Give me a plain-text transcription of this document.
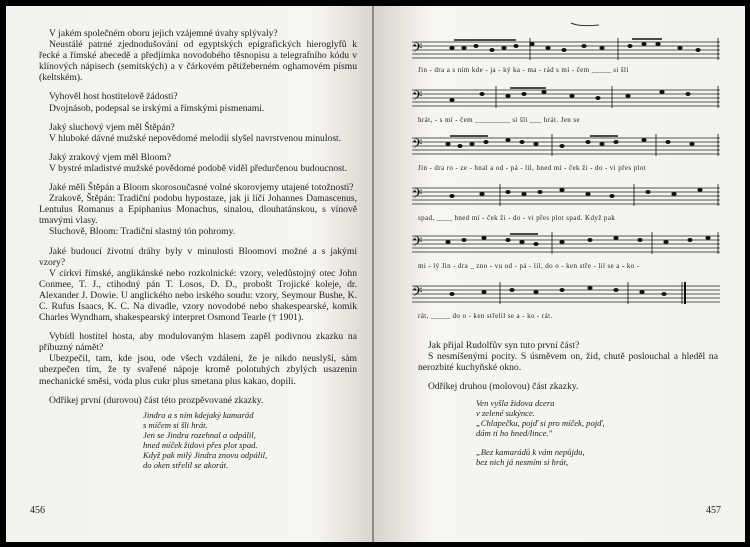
V jakém společném oboru jejich vzájemné úvahy splývaly?

Neustálé patrné zjednodušování od egyptských epigrafických hieroglyfů k řecké a římské abecedě a předjímka novodobého těsnopisu a telegrafního kódu v klínových nápisech (semitských) a v čárkovém pětižeberném oghamovém písmu (keltském).

Vyhověl host hostitelově žádosti?

Dvojnásob, podepsal se irskými a římskými písmenami.

Jaký sluchový vjem měl Štěpán?

V hluboké dávné mužské nepovědomé melodii slyšel navrstvenou minulost.

Jaký zrakový vjem měl Bloom?

V bystré mladistvé mužské povědomé podobě viděl předurčenou budoucnost.

Jaké měli Štěpán a Bloom skorosoučasné volné skorovjemy utajené totožnosti?

Zrakově, Štěpán: Tradiční podobu hypostaze, jak ji líčí Johannes Damascenus, Lentulus Romanus a Epiphanius Monachus, sinalou, dlouhatánskou, s vínově tmavými vlasy.

Sluchově, Bloom: Tradiční slastný tón pohromy.

Jaké budoucí životní dráhy byly v minulosti Bloomovi možné a s jakými vzory?

V církvi římské, anglikánské nebo rozkolnické: vzory, veledůstojný otec John Conmee, T. J., ctihodný pán T. Losos, D. D., probošt Trojické koleje, dr. Alexander J. Dowie. U anglického nebo irského soudu: vzory, Seymour Bushe, K. C. Rufus Isaacs, K. C. Na divadle, vzory novodobé nebo shakespearské, komik Charles Wyndham, shakespearský interpret Osmond Tearle († 1901).

Vybídl hostitel hosta, aby modulovaným hlasem zapěl podivnou zkazku na příbuzný námět?

Ubezpečil, tam, kde jsou, ode všech vzdálení, že je nikdo neuslyší, sám ubezpečen tím, že ty svařené nápoje kromě polotuhých zbylých usazenin mechanické směsi, voda plus cukr plus smetana plus kakao, dopili.

Odříkej první (durovou) část této prozpěvované zkazky.

Jindra a s ním kdejaký kamarád
s míčem si šli hrát.
Jen se Jindra rozehnal a odpálil,
hned míček židovi přes plot spad.
Když pak milý Jindra znovu odpálil,
do oken střelil se akorát.
456
𝄢
Jin - dra a s ním kde - ja - ký ka - ma - rád s mí - čem _____ si šli
𝄢
hrát, - s mí - čem _________ si šli ___ hrát. Jen se
𝄢
Jin - dra ro - ze - hnal a od - pá - lil, hned mí - ček ži - do - vi přes plot
𝄢
spad, ____ hned mí - ček ži - do - vi přes plot spad. Když pak
𝄢
mi - lý Jin - dra _ zno - vu od - pá - lil, do o - ken stře - lil se a - ko -
𝄢
rát, _____ do o - ken střelil se a - ko - rát.

Jak přijal Rudolfův syn tuto první část?

S nesmíšenými pocity. S úsměvem on, žid, chutě poslouchal a hleděl na nerozbité kuchyňské okno.

Odříkej druhou (molovou) část zkazky.

Ven vyšla židova dcera
v zelené sukýnce.
„Chlapečku, pojď si pro míček, pojď,
dám ti ho hned/lince."
„Bez kamarádů k vám nepůjdu,
bez nich já nesmím si hrát,
457
